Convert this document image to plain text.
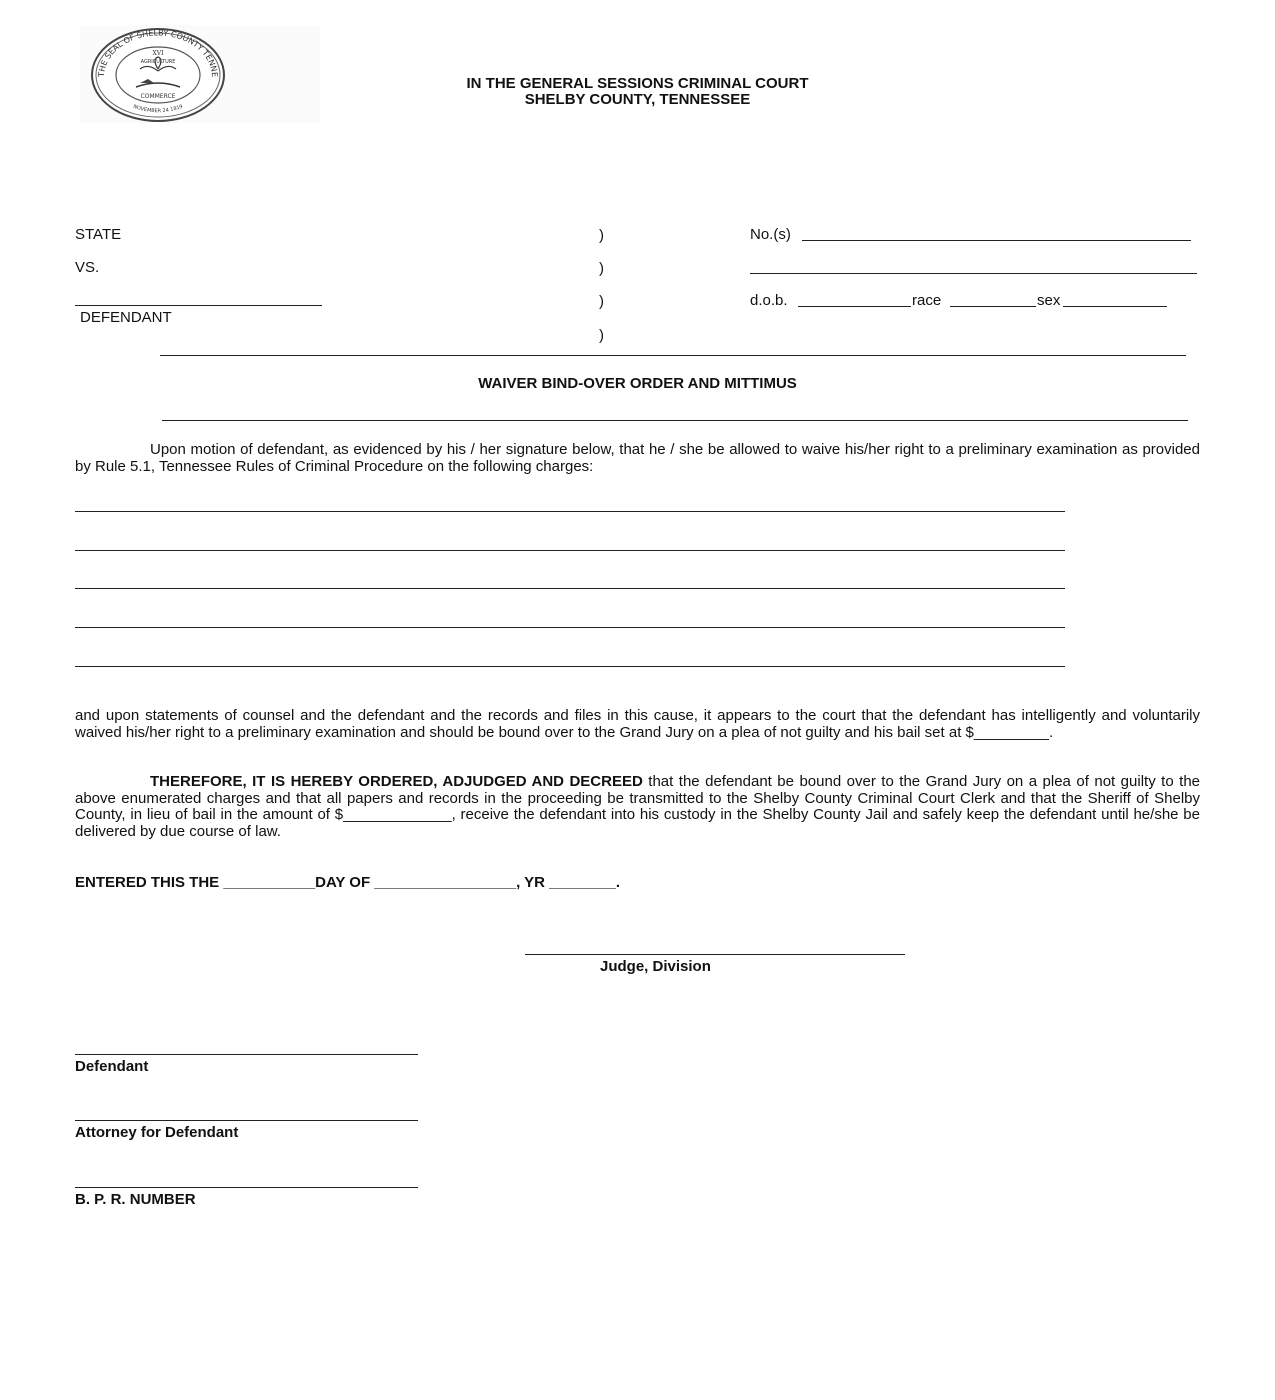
THE SEAL OF SHELBY COUNTY TENNE
XVI
AGRICULTURE
COMMERCE
NOVEMBER 24 1819
IN THE GENERAL SESSIONS CRIMINAL COURT
SHELBY COUNTY, TENNESSEE
STATE
VS.
DEFENDANT
)
)
)
)
No.(s)
d.o.b.	race	sex
WAIVER BIND-OVER ORDER AND MITTIMUS
Upon motion of defendant, as evidenced by his / her signature below, that he / she be allowed to waive his/her right to a preliminary examination as provided by Rule 5.1, Tennessee Rules of Criminal Procedure on the following charges:
and upon statements of counsel and the defendant and the records and files in this cause, it appears to the court that the defendant has intelligently and voluntarily waived his/her right to a preliminary examination and should be bound over to the Grand Jury on a plea of not guilty and his bail set at $_________.
THEREFORE, IT IS HEREBY ORDERED, ADJUDGED AND DECREED that the defendant be bound over to the Grand Jury on a plea of not guilty to the above enumerated charges and that all papers and records in the proceeding be transmitted to the Shelby County Criminal Court Clerk and that the Sheriff of Shelby County, in lieu of bail in the amount of $_____________, receive the defendant into his custody in the Shelby County Jail and safely keep the defendant until he/she be delivered by due course of law.
ENTERED THIS THE ___________DAY OF _________________, YR ________.
Judge, Division
Defendant
Attorney for Defendant
B. P. R. NUMBER
